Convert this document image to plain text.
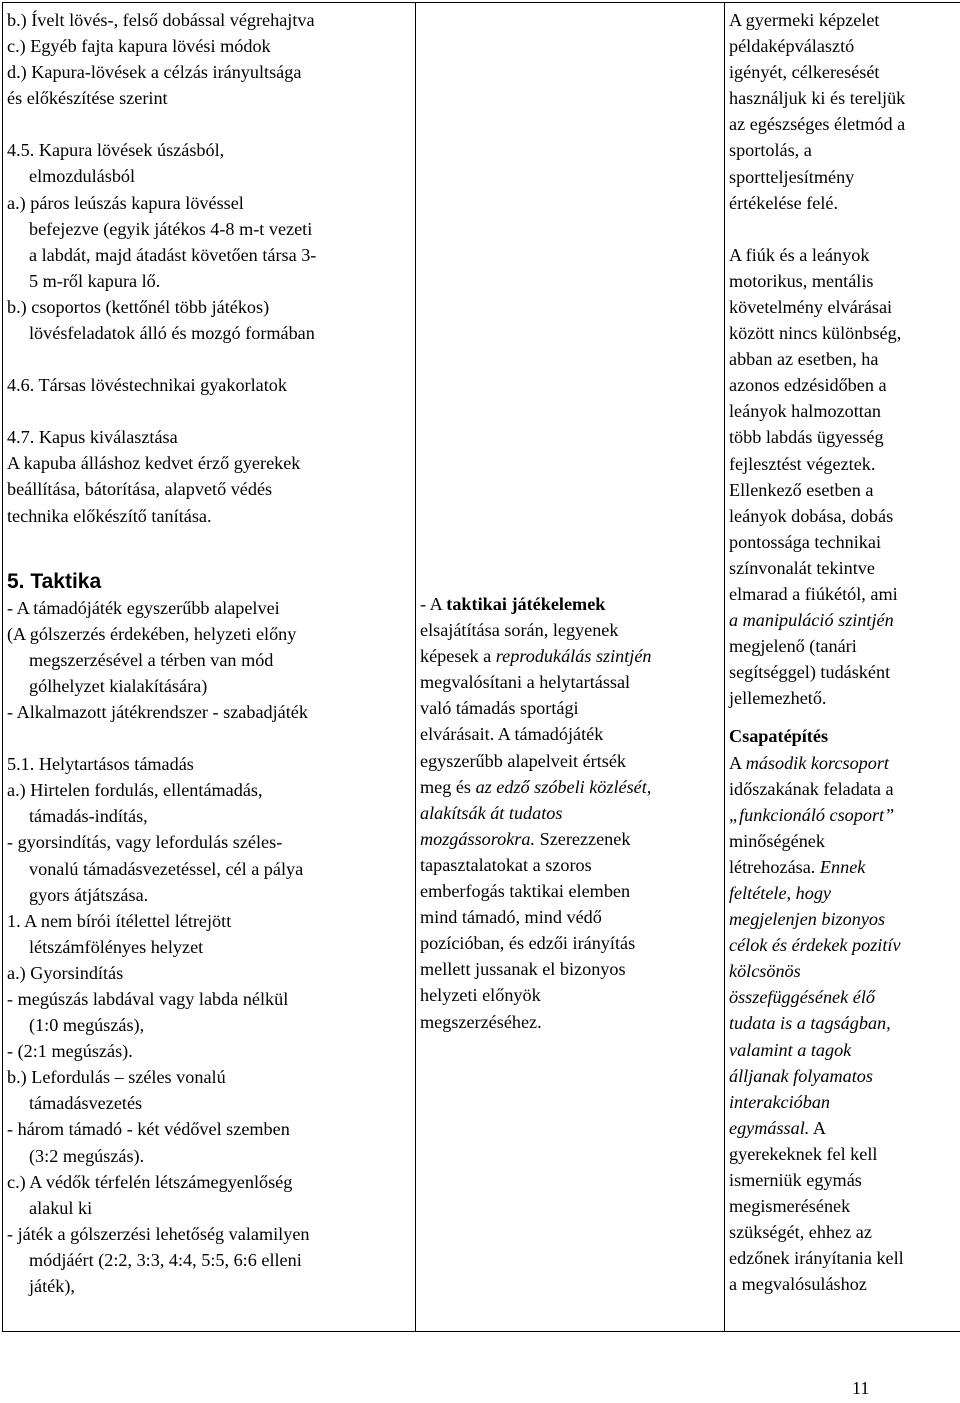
b.) Ívelt lövés-, felső dobással végrehajtva
c.) Egyéb fajta kapura lövési módok
d.) Kapura-lövések a célzás irányultsága
és előkészítése szerint
4.5. Kapura lövések úszásból,
elmozdulásból
a.) páros leúszás kapura lövéssel
befejezve (egyik játékos 4-8 m-t vezeti
a labdát, majd átadást követően társa 3-
5 m-ről kapura lő.
b.) csoportos (kettőnél több játékos)
lövésfeladatok álló és mozgó formában
4.6. Társas lövéstechnikai gyakorlatok
4.7. Kapus kiválasztása
A kapuba álláshoz kedvet érző gyerekek
beállítása, bátorítása, alapvető védés
technika előkészítő tanítása.
5. Taktika
- A támadójáték egyszerűbb alapelvei
(A gólszerzés érdekében, helyzeti előny
megszerzésével a térben van mód
gólhelyzet kialakítására)
- Alkalmazott játékrendszer - szabadjáték
5.1. Helytartásos támadás
a.) Hirtelen fordulás, ellentámadás,
támadás-indítás,
- gyorsindítás, vagy lefordulás széles-
vonalú támadásvezetéssel, cél a pálya
gyors átjátszása.
1. A nem bírói ítélettel létrejött
létszámfölényes helyzet
a.) Gyorsindítás
- megúszás labdával vagy labda nélkül
(1:0 megúszás),
- (2:1 megúszás).
b.) Lefordulás – széles vonalú
támadásvezetés
- három támadó - két védővel szemben
(3:2 megúszás).
c.) A védők térfelén létszámegyenlőség
alakul ki
- játék a gólszerzési lehetőség valamilyen
módjáért (2:2, 3:3, 4:4, 5:5, 6:6 elleni
játék),

- A taktikai játékelemek
elsajátítása során, legyenek
képesek a reprodukálás szintjén
megvalósítani a helytartással
való támadás sportági
elvárásait. A támadójáték
egyszerűbb alapelveit értsék
meg és az edző szóbeli közlését,
alakítsák át tudatos
mozgássorokra. Szerezzenek
tapasztalatokat a szoros
emberfogás taktikai elemben
mind támadó, mind védő
pozícióban, és edzői irányítás
mellett jussanak el bizonyos
helyzeti előnyök
megszerzéséhez.

A gyermeki képzelet
példaképválasztó
igényét, célkeresését
használjuk ki és tereljük
az egészséges életmód a
sportolás, a
sportteljesítmény
értékelése felé.
A fiúk és a leányok
motorikus, mentális
követelmény elvárásai
között nincs különbség,
abban az esetben, ha
azonos edzésidőben a
leányok halmozottan
több labdás ügyesség
fejlesztést végeztek.
Ellenkező esetben a
leányok dobása, dobás
pontossága technikai
színvonalát tekintve
elmarad a fiúkétól, ami
a manipuláció szintjén
megjelenő (tanári
segítséggel) tudásként
jellemezhető.
Csapatépítés
A második korcsoport
időszakának feladata a
„funkcionáló csoport”
minőségének
létrehozása. Ennek
feltétele, hogy
megjelenjen bizonyos
célok és érdekek pozitív
kölcsönös
összefüggésének élő
tudata is a tagságban,
valamint a tagok
álljanak folyamatos
interakcióban
egymással. A
gyerekeknek fel kell
ismerniük egymás
megismerésének
szükségét, ehhez az
edzőnek irányítania kell
a megvalósuláshoz
11
